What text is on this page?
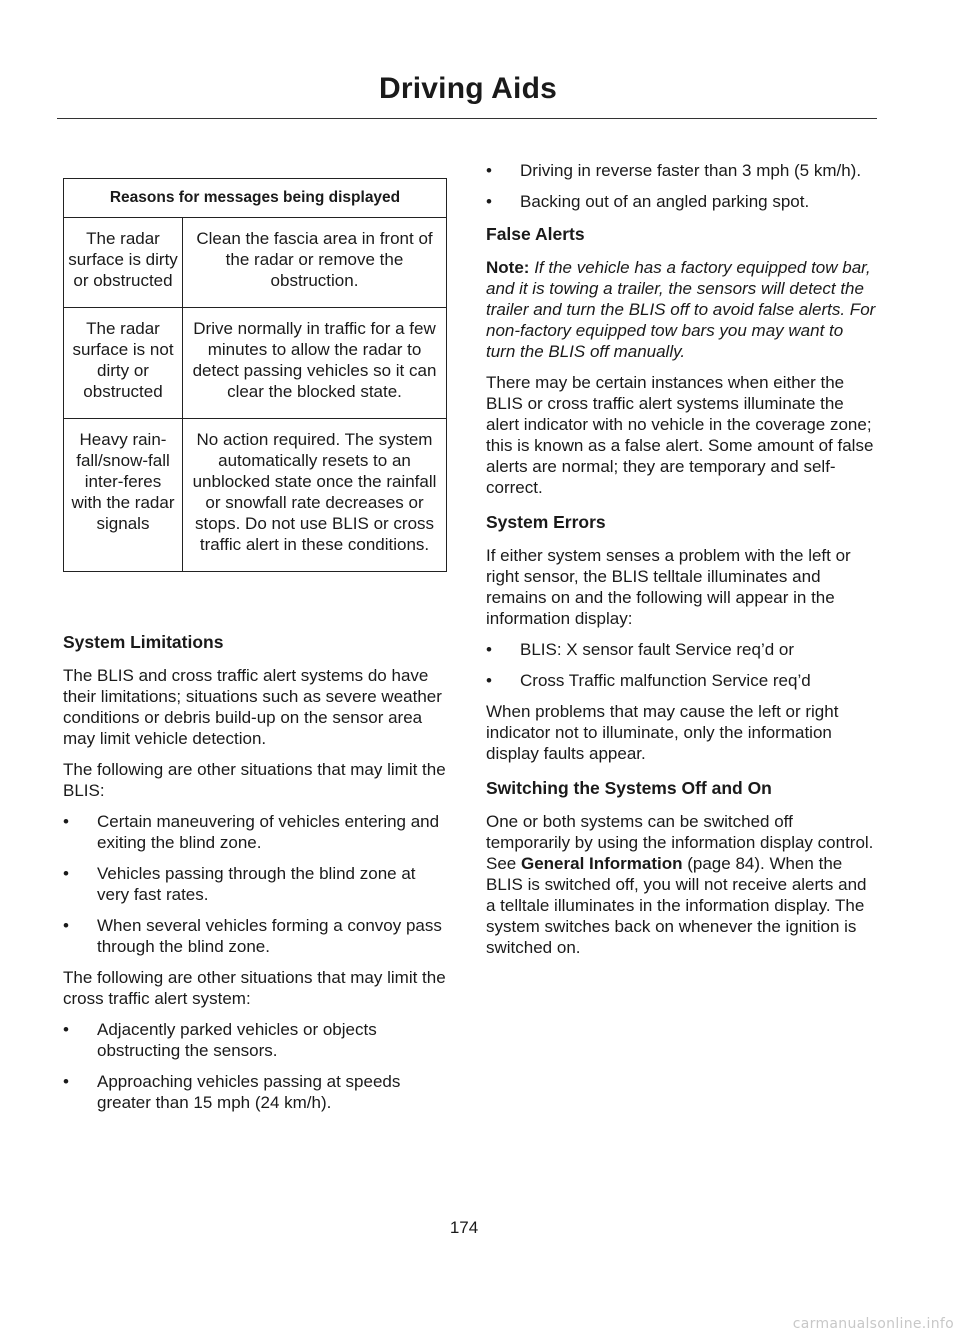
Driving Aids
Reasons for messages being displayed	
The radar surface is dirty or obstructed	Clean the fascia area in front of the radar or remove the obstruction.
The radar surface is not dirty or obstructed	Drive normally in traffic for a few minutes to allow the radar to detect passing vehicles so it can clear the blocked state.
Heavy rain-fall/snow-fall inter-feres with the radar signals	No action required. The system automatically resets to an unblocked state once the rainfall or snowfall rate decreases or stops. Do not use BLIS or cross traffic alert in these conditions.

System Limitations

The BLIS and cross traffic alert systems do have their limitations; situations such as severe weather conditions or debris build-up on the sensor area may limit vehicle detection.

The following are other situations that may limit the BLIS:

• Certain maneuvering of vehicles entering and exiting the blind zone.
• Vehicles passing through the blind zone at very fast rates.
• When several vehicles forming a convoy pass through the blind zone.

The following are other situations that may limit the cross traffic alert system:

• Adjacently parked vehicles or objects obstructing the sensors.
• Approaching vehicles passing at speeds greater than 15 mph (24 km/h).
• Driving in reverse faster than 3 mph (5 km/h).
• Backing out of an angled parking spot.

False Alerts

Note: If the vehicle has a factory equipped tow bar, and it is towing a trailer, the sensors will detect the trailer and turn the BLIS off to avoid false alerts. For non-factory equipped tow bars you may want to turn the BLIS off manually.

There may be certain instances when either the BLIS or cross traffic alert systems illuminate the alert indicator with no vehicle in the coverage zone; this is known as a false alert. Some amount of false alerts are normal; they are temporary and self-correct.

System Errors

If either system senses a problem with the left or right sensor, the BLIS telltale illuminates and remains on and the following will appear in the information display:

• BLIS: X sensor fault Service req’d or
• Cross Traffic malfunction Service req’d

When problems that may cause the left or right indicator not to illuminate, only the information display faults appear.

Switching the Systems Off and On

One or both systems can be switched off temporarily by using the information display control. See General Information (page 84). When the BLIS is switched off, you will not receive alerts and a telltale illuminates in the information display. The system switches back on whenever the ignition is switched on.

174
carmanualsonline.info
